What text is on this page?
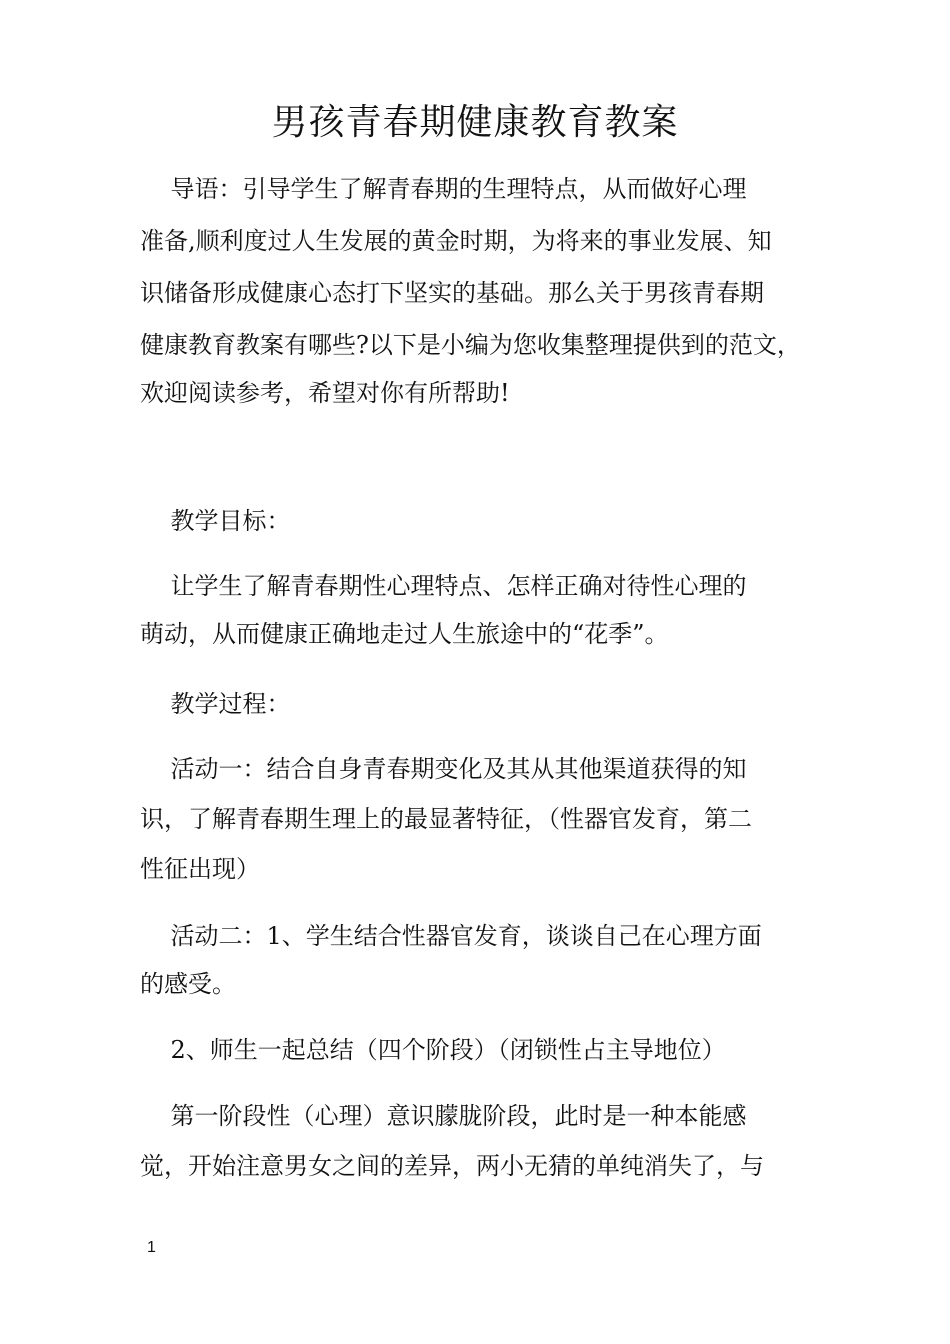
男孩青春期健康教育教案

导语：引导学生了解青春期的生理特点，从而做好心理

准备,顺利度过人生发展的黄金时期，为将来的事业发展、知

识储备形成健康心态打下坚实的基础。那么关于男孩青春期

健康教育教案有哪些?以下是小编为您收集整理提供到的范文，

欢迎阅读参考，希望对你有所帮助!

教学目标：

让学生了解青春期性心理特点、怎样正确对待性心理的

萌动，从而健康正确地走过人生旅途中的“花季”。

教学过程：

活动一：结合自身青春期变化及其从其他渠道获得的知

识，了解青春期生理上的最显著特征，（性器官发育，第二

性征出现）

活动二：1、学生结合性器官发育，谈谈自己在心理方面

的感受。

2、师生一起总结（四个阶段）（闭锁性占主导地位）

第一阶段性（心理）意识朦胧阶段，此时是一种本能感

觉，开始注意男女之间的差异，两小无猜的单纯消失了，与

1
